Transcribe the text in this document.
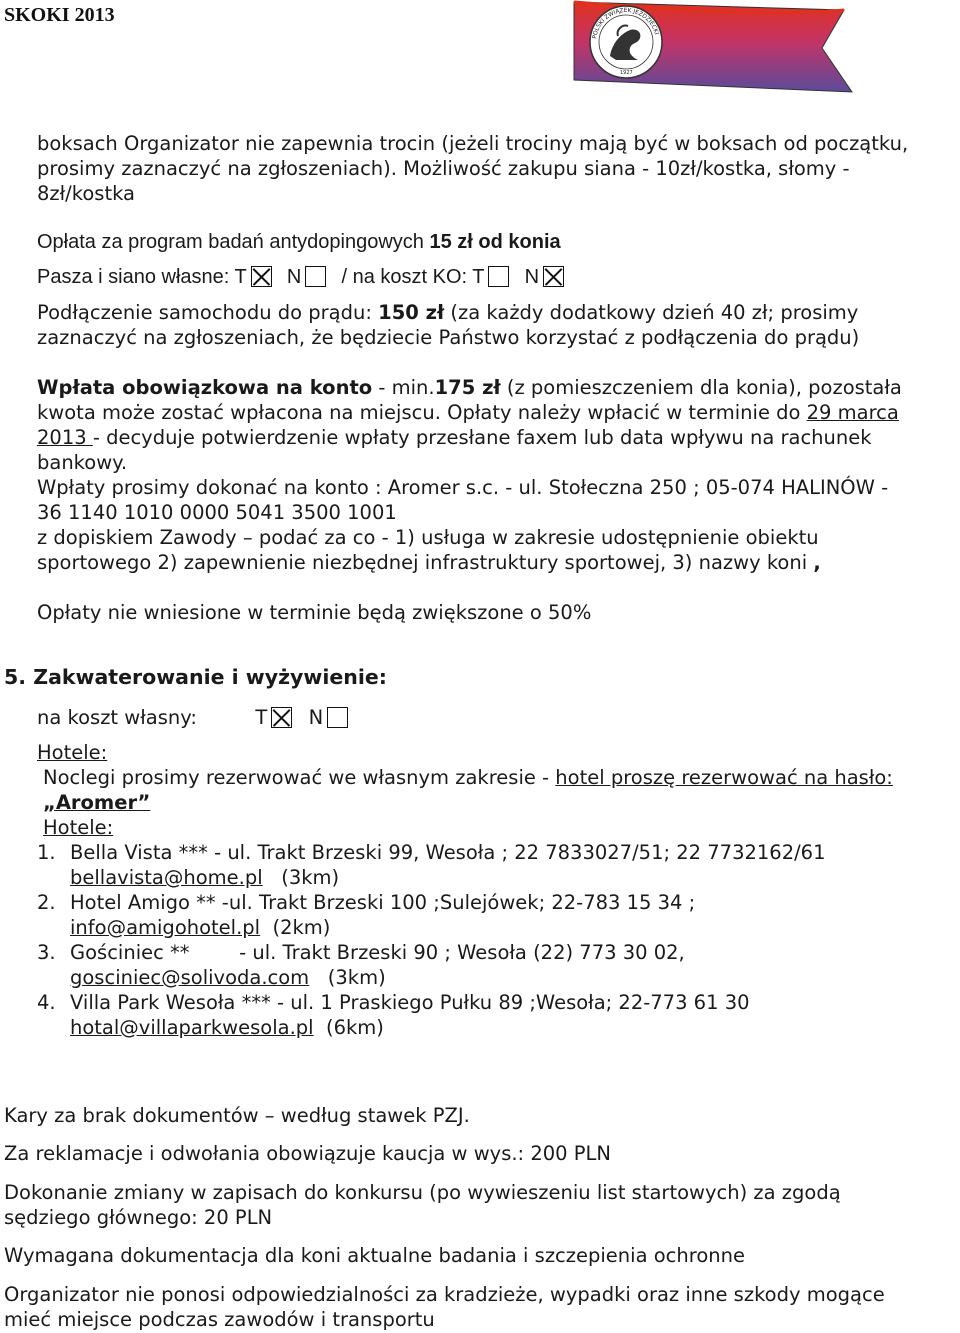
SKOKI 2013
POLSKI ZWIĄZEK JEŹDZIECKI
1927
boksach Organizator nie zapewnia trocin (jeżeli trociny mają być w boksach od początku,
prosimy zaznaczyć na zgłoszeniach). Możliwość zakupu siana - 10zł/kostka, słomy -
8zł/kostka
Opłata za program badań antydopingowych 15 zł od konia
Pasza i siano własne: T N / na koszt KO: T N
Podłączenie samochodu do prądu: 150 zł (za każdy dodatkowy dzień 40 zł; prosimy
zaznaczyć na zgłoszeniach, że będziecie Państwo korzystać z podłączenia do prądu)
Wpłata obowiązkowa na konto - min.175 zł (z pomieszczeniem dla konia), pozostała
kwota może zostać wpłacona na miejscu. Opłaty należy wpłacić w terminie do 29 marca
2013 - decyduje potwierdzenie wpłaty przesłane faxem lub data wpływu na rachunek
bankowy.
Wpłaty prosimy dokonać na konto : Aromer s.c. - ul. Stołeczna 250 ; 05-074 HALINÓW -
36 1140 1010 0000 5041 3500 1001
z dopiskiem Zawody – podać za co - 1) usługa w zakresie udostępnienie obiektu
sportowego 2) zapewnienie niezbędnej infrastruktury sportowej, 3) nazwy koni ,
Opłaty nie wniesione w terminie będą zwiększone o 50%
5. Zakwaterowanie i wyżywienie:
na koszt własny:	T N
Hotele:
Noclegi prosimy rezerwować we własnym zakresie - hotel proszę rezerwować na hasło:
„Aromer”
Hotele:
1. Bella Vista *** - ul. Trakt Brzeski 99, Wesoła ; 22 7833027/51; 22 7732162/61
bellavista@home.pl   (3km)
2. Hotel Amigo ** -ul. Trakt Brzeski 100 ;Sulejówek; 22-783 15 34 ;
info@amigohotel.pl  (2km)
3. Gościniec **        - ul. Trakt Brzeski 90 ; Wesoła (22) 773 30 02,
gosciniec@solivoda.com   (3km)
4. Villa Park Wesoła *** - ul. 1 Praskiego Pułku 89 ;Wesoła; 22-773 61 30
hotal@villaparkwesola.pl  (6km)
Kary za brak dokumentów – według stawek PZJ.
Za reklamacje i odwołania obowiązuje kaucja w wys.: 200 PLN
Dokonanie zmiany w zapisach do konkursu (po wywieszeniu list startowych) za zgodą
sędziego głównego: 20 PLN
Wymagana dokumentacja dla koni aktualne badania i szczepienia ochronne
Organizator nie ponosi odpowiedzialności za kradzieże, wypadki oraz inne szkody mogące
mieć miejsce podczas zawodów i transportu
